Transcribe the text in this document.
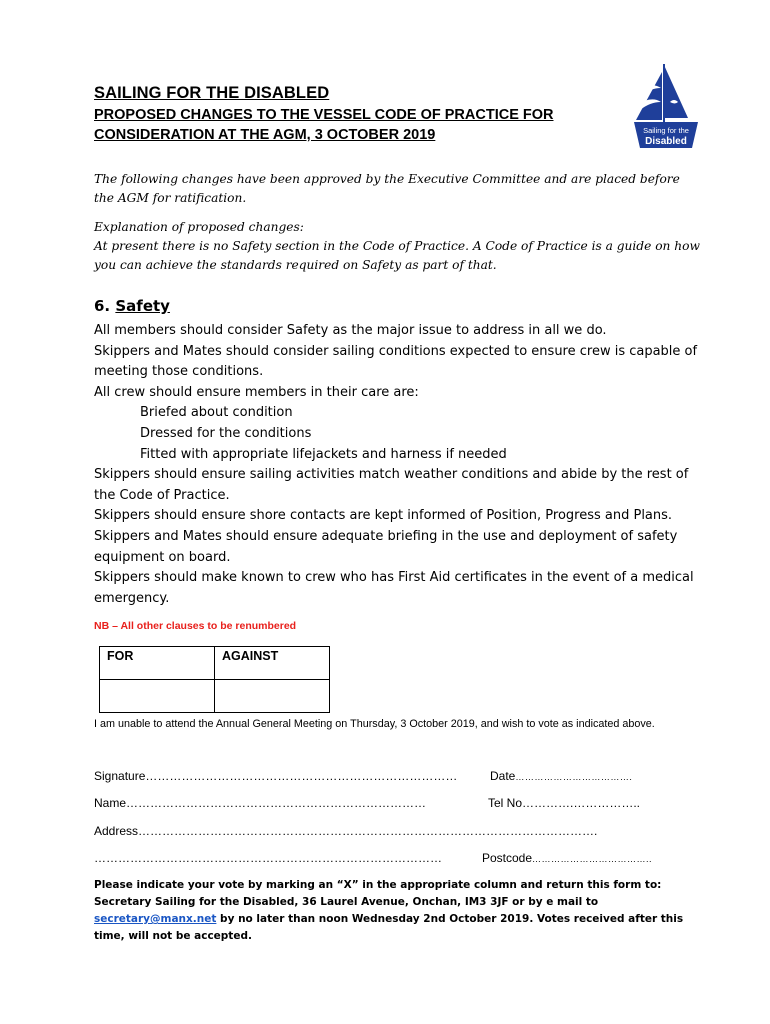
SAILING FOR THE DISABLED
PROPOSED CHANGES TO THE VESSEL CODE OF PRACTICE FOR CONSIDERATION AT THE AGM, 3 OCTOBER 2019	Sailing for the
Disabled
The following changes have been approved by the Executive Committee and are placed before the AGM for ratification.
Explanation of proposed changes:
At present there is no Safety section in the Code of Practice. A Code of Practice is a guide on how
you can achieve the standards required on Safety as part of that.
6. Safety
All members should consider Safety as the major issue to address in all we do.
Skippers and Mates should consider sailing conditions expected to ensure crew is capable of
meeting those conditions.
All crew should ensure members in their care are:
Briefed about condition
Dressed for the conditions
Fitted with appropriate lifejackets and harness if needed
Skippers should ensure sailing activities match weather conditions and abide by the rest of
the Code of Practice.
Skippers should ensure shore contacts are kept informed of Position, Progress and Plans.
Skippers and Mates should ensure adequate briefing in the use and deployment of safety
equipment on board.
Skippers should make known to crew who has First Aid certificates in the event of a medical
emergency.
NB – All other clauses to be renumbered
FOR	AGAINST

I am unable to attend the Annual General Meeting on Thursday, 3 October 2019, and wish to vote as indicated above.
Signature……………………………………………………………………	Date……………………………….
Name…………………………………………………………………	Tel No………….……………..
Address…………………………………………………………………………………………………….
……………………………………………………………………………	Postcode………………………………..
Please indicate your vote by marking an “X” in the appropriate column and return this form to: Secretary Sailing for the Disabled, 36 Laurel Avenue, Onchan, IM3 3JF or by e mail to secretary@manx.net by no later than noon Wednesday 2nd October 2019. Votes received after this time, will not be accepted.
